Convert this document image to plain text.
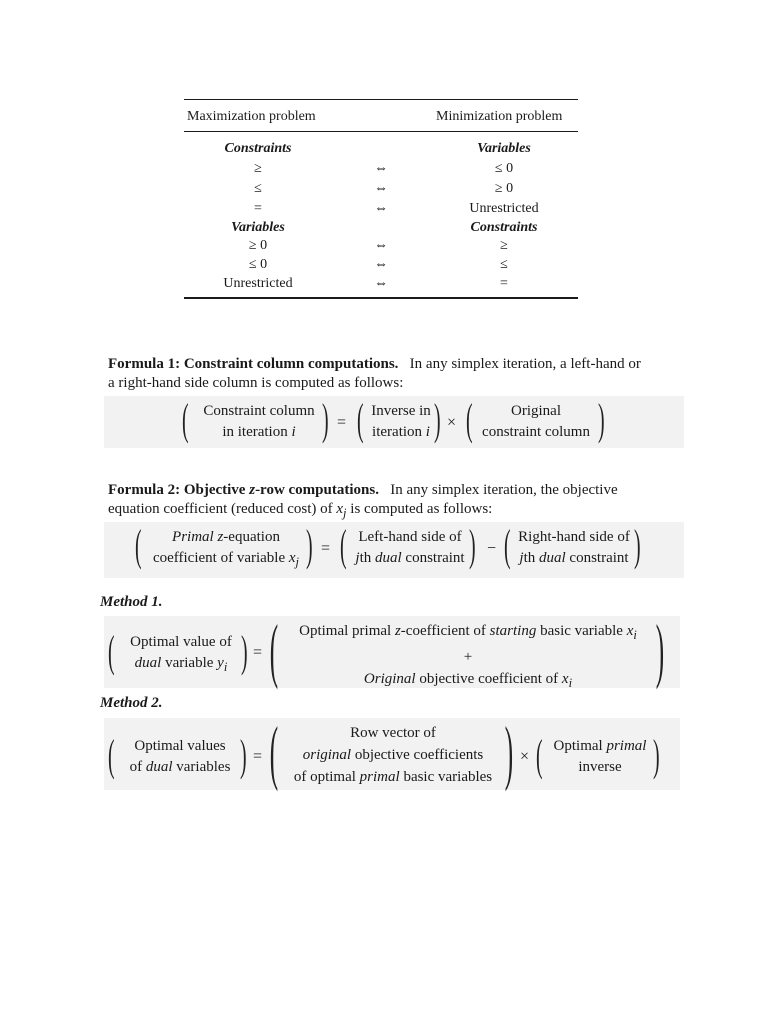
Maximization problem	Minimization problem
Constraints	Variables
≥	⇔	≤ 0
≤	⇔	≥ 0
=	⇔	Unrestricted
Variables	Constraints
≥ 0	⇔	≥
≤ 0	⇔	≤
Unrestricted	⇔	=
Formula 1: Constraint column computations. In any simplex iteration, a left-hand or
a right-hand side column is computed as follows:
( Constraint column
in iteration i ) = ( Inverse in
iteration i ) × (	Original
constraint column )
Formula 2: Objective z-row computations. In any simplex iteration, the objective
equation coefficient (reduced cost) of $x_j$ is computed as follows:
(	Primal z-equation
coefficient of variable $x_j$ ) = ( Left-hand side of
jth dual constraint ) − ( Right-hand side of
jth dual constraint )
Method 1.
(	Optimal value of
dual variable $y_i$ ) = (	Optimal primal z-coefficient of starting basic variable $x_i$
+
Original objective coefficient of $x_i$	)
Method 2.
(	Optimal values
of dual variables ) = (	Row vector of
original objective coefficients
of optimal primal basic variables ) × ( Optimal primal
inverse )
